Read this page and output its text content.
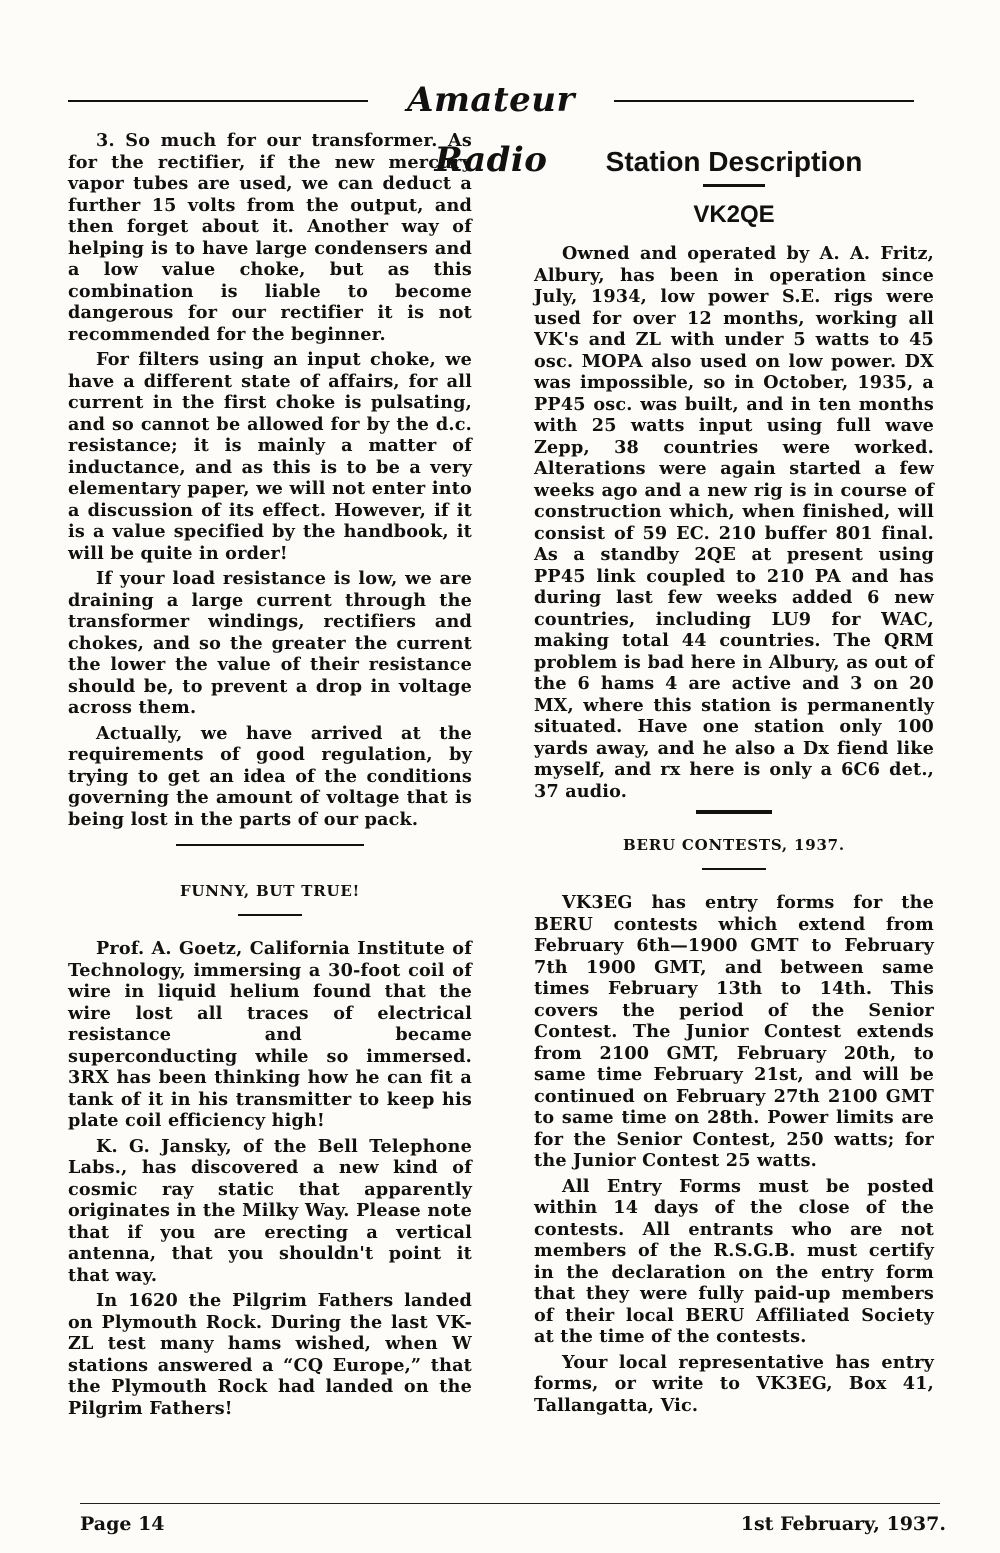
Amateur Radio

3. So much for our transformer. As for the rectifier, if the new mercury vapor tubes are used, we can deduct a further 15 volts from the output, and then forget about it. Another way of helping is to have large condensers and a low value choke, but as this combination is liable to become dangerous for our rectifier it is not recommended for the beginner.

For filters using an input choke, we have a different state of affairs, for all current in the first choke is pulsating, and so cannot be allowed for by the d.c. resistance; it is mainly a matter of inductance, and as this is to be a very elementary paper, we will not enter into a discussion of its effect. However, if it is a value specified by the handbook, it will be quite in order!

If your load resistance is low, we are draining a large current through the transformer windings, rectifiers and chokes, and so the greater the current the lower the value of their resistance should be, to prevent a drop in voltage across them.

Actually, we have arrived at the requirements of good regulation, by trying to get an idea of the conditions governing the amount of voltage that is being lost in the parts of our pack.

FUNNY, BUT TRUE!

Prof. A. Goetz, California Institute of Technology, immersing a 30-foot coil of wire in liquid helium found that the wire lost all traces of electrical resistance and became superconducting while so immersed. 3RX has been thinking how he can fit a tank of it in his transmitter to keep his plate coil efficiency high!

K. G. Jansky, of the Bell Telephone Labs., has discovered a new kind of cosmic ray static that apparently originates in the Milky Way. Please note that if you are erecting a vertical antenna, that you shouldn't point it that way.

In 1620 the Pilgrim Fathers landed on Plymouth Rock. During the last VK-ZL test many hams wished, when W stations answered a “CQ Europe,” that the Plymouth Rock had landed on the Pilgrim Fathers!

Station Description
VK2QE

Owned and operated by A. A. Fritz, Albury, has been in operation since July, 1934, low power S.E. rigs were used for over 12 months, working all VK's and ZL with under 5 watts to 45 osc. MOPA also used on low power. DX was impossible, so in October, 1935, a PP45 osc. was built, and in ten months with 25 watts input using full wave Zepp, 38 countries were worked. Alterations were again started a few weeks ago and a new rig is in course of construction which, when finished, will consist of 59 EC. 210 buffer 801 final. As a standby 2QE at present using PP45 link coupled to 210 PA and has during last few weeks added 6 new countries, including LU9 for WAC, making total 44 countries. The QRM problem is bad here in Albury, as out of the 6 hams 4 are active and 3 on 20 MX, where this station is permanently situated. Have one station only 100 yards away, and he also a Dx fiend like myself, and rx here is only a 6C6 det., 37 audio.

BERU CONTESTS, 1937.

VK3EG has entry forms for the BERU contests which extend from February 6th—1900 GMT to February 7th 1900 GMT, and between same times February 13th to 14th. This covers the period of the Senior Contest. The Junior Contest extends from 2100 GMT, February 20th, to same time February 21st, and will be continued on February 27th 2100 GMT to same time on 28th. Power limits are for the Senior Contest, 250 watts; for the Junior Contest 25 watts.

All Entry Forms must be posted within 14 days of the close of the contests. All entrants who are not members of the R.S.G.B. must certify in the declaration on the entry form that they were fully paid-up members of their local BERU Affiliated Society at the time of the contests.

Your local representative has entry forms, or write to VK3EG, Box 41, Tallangatta, Vic.

Page 14	1st February, 1937.
